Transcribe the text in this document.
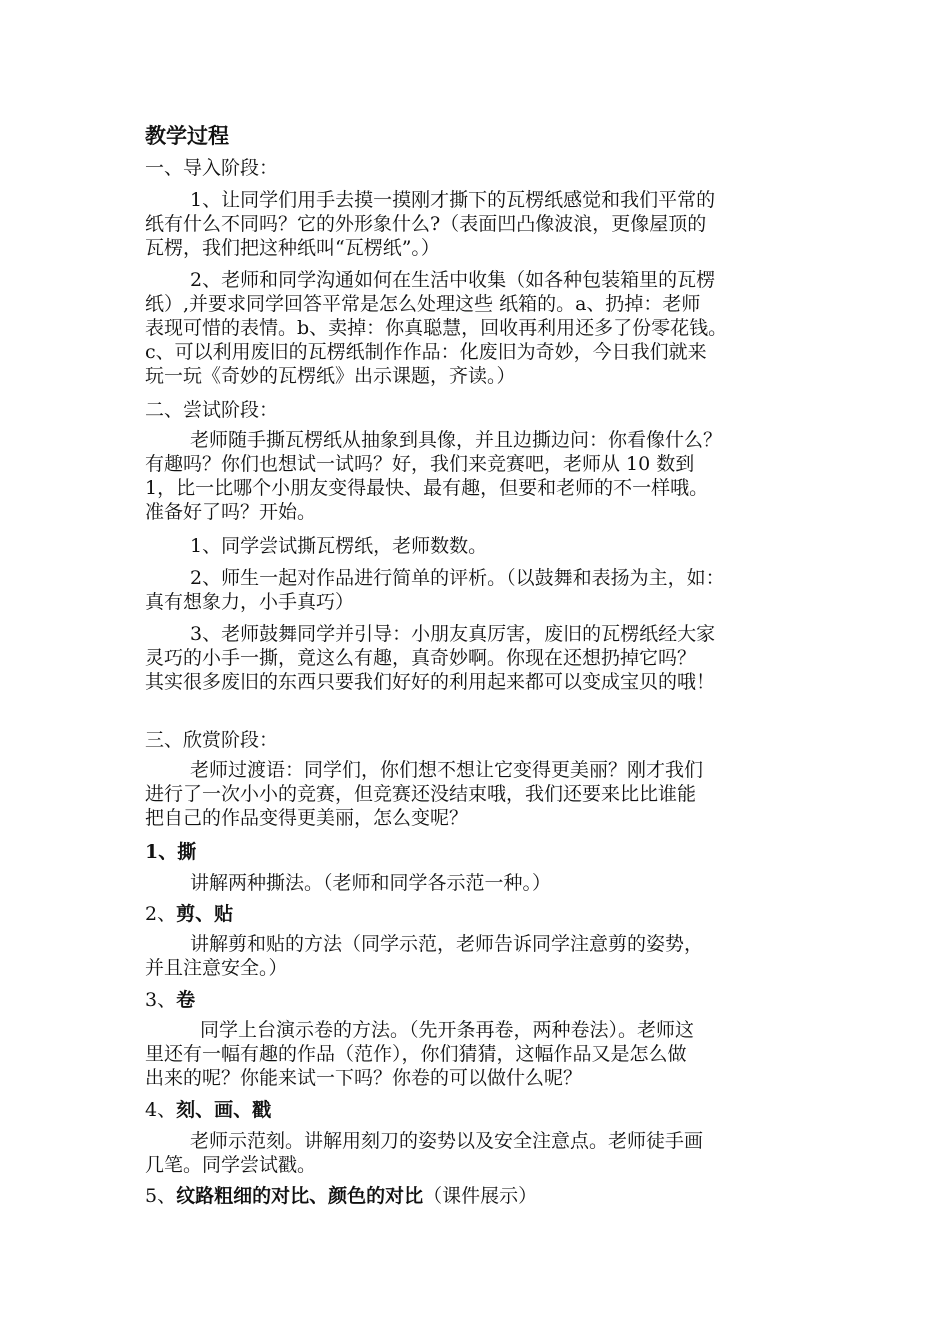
教学过程
一、导入阶段：
1、让同学们用手去摸一摸刚才撕下的瓦楞纸感觉和我们平常的
纸有什么不同吗？它的外形象什么?（表面凹凸像波浪，更像屋顶的
瓦楞，我们把这种纸叫“瓦楞纸”。）
2、老师和同学沟通如何在生活中收集（如各种包装箱里的瓦楞
纸）,并要求同学回答平常是怎么处理这些 纸箱的。a、扔掉：老师
表现可惜的表情。b、卖掉：你真聪慧，回收再利用还多了份零花钱。
c、可以利用废旧的瓦楞纸制作作品：化废旧为奇妙，今日我们就来
玩一玩《奇妙的瓦楞纸》出示课题，齐读。）
二、尝试阶段：
老师随手撕瓦楞纸从抽象到具像，并且边撕边问：你看像什么？
有趣吗？你们也想试一试吗？好，我们来竞赛吧，老师从 10 数到
1，比一比哪个小朋友变得最快、最有趣，但要和老师的不一样哦。
准备好了吗？开始。
1、同学尝试撕瓦楞纸，老师数数。
2、师生一起对作品进行简单的评析。（以鼓舞和表扬为主，如：
真有想象力，小手真巧）
3、老师鼓舞同学并引导：小朋友真厉害，废旧的瓦楞纸经大家
灵巧的小手一撕，竟这么有趣，真奇妙啊。你现在还想扔掉它吗？
其实很多废旧的东西只要我们好好的利用起来都可以变成宝贝的哦！
三、欣赏阶段：
老师过渡语：同学们，你们想不想让它变得更美丽？刚才我们
进行了一次小小的竞赛，但竞赛还没结束哦，我们还要来比比谁能
把自己的作品变得更美丽，怎么变呢？
1、撕
讲解两种撕法。（老师和同学各示范一种。）
2、剪、贴
讲解剪和贴的方法（同学示范，老师告诉同学注意剪的姿势，
并且注意安全。）
3、卷
同学上台演示卷的方法。（先开条再卷，两种卷法）。老师这
里还有一幅有趣的作品（范作），你们猜猜，这幅作品又是怎么做
出来的呢？你能来试一下吗？你卷的可以做什么呢？
4、刻、画、戳
老师示范刻。讲解用刻刀的姿势以及安全注意点。老师徒手画
几笔。同学尝试戳。
5、纹路粗细的对比、颜色的对比（课件展示）
